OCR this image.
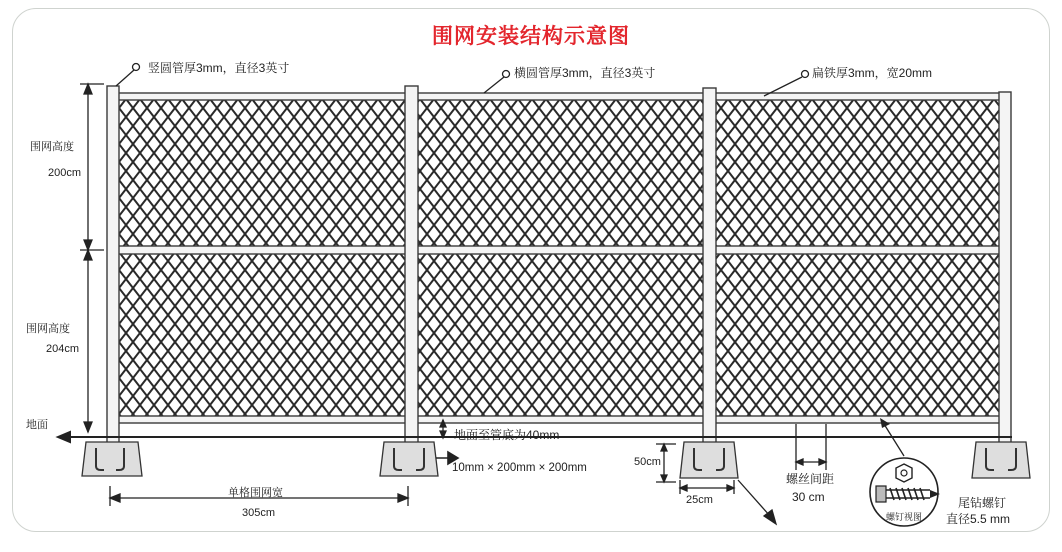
围网安装结构示意图
竖圆管厚3mm，直径3英寸	横圆管厚3mm，直径3英寸	扁铁厚3mm，宽20mm
围网高度
200cm
围网高度
204cm
地面
地面至管底为40mm
10mm × 200mm × 200mm	50cm
25cm
单格围网宽
305cm
螺丝间距
30 cm
螺钉视图
尾钻螺钉
直径5.5 mm
